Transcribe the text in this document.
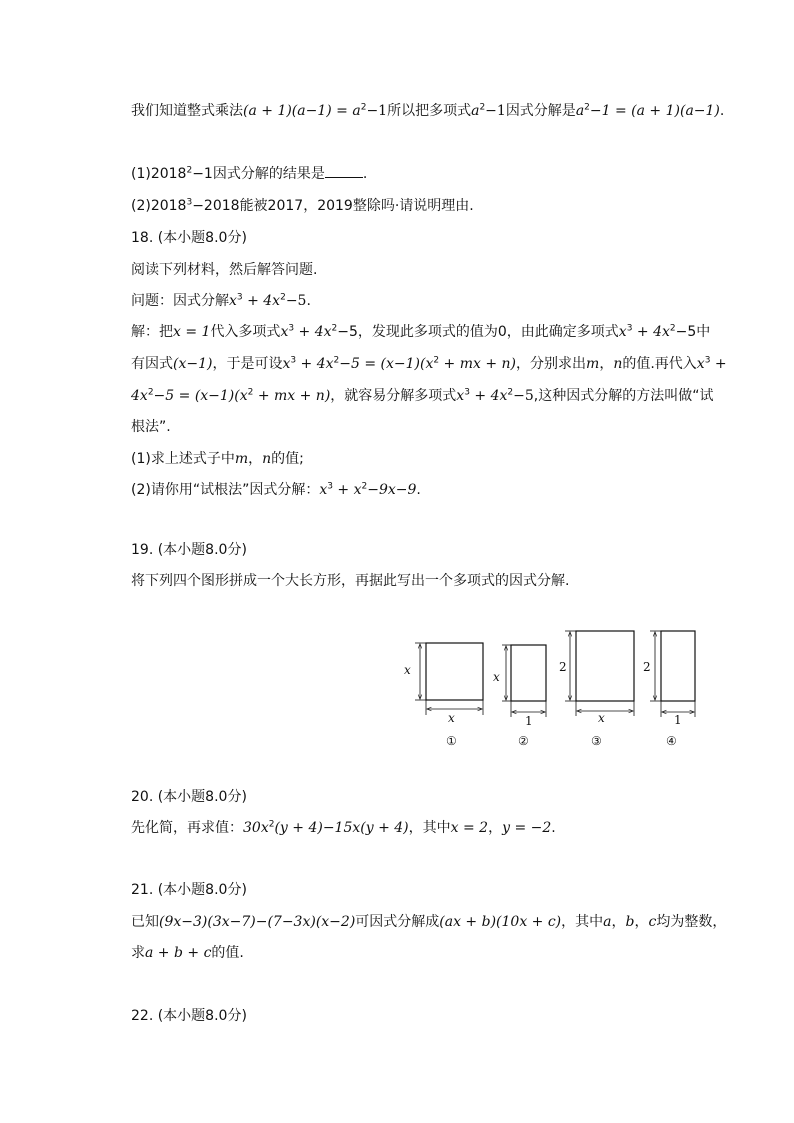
我们知道整式乘法$(a + 1)(a-1) = a^2-1$所以把多项式$a^2-1$因式分解是$a^2-1 = (a + 1)(a-1)$.
$(1)2018^2-1$因式分解的结果是	.
$(2)2018^3-2018$能被2017，2019整除吗·请说明理由.
18. (本小题8.0分)
阅读下列材料，然后解答问题.
问题：因式分解$x^3 + 4x^2-5$.
解：把x = 1代入多项式$x^3 + 4x^2-5$，发现此多项式的值为0，由此确定多项式$x^3 + 4x^2-5$中
有因式(x−1)，于是可设$x^3 + 4x^2-5 = (x-1)(x^2$ + mx + n)，分别求出m，n的值.再代入$x^3$ +
$4x^2-5 = (x-1)(x^2$ + mx + n)，就容易分解多项式$x^3 + 4x^2-5$,这种因式分解的方法叫做“试
根法”.
(1)求上述式子中m，n的值;
(2)请你用“试根法”因式分解：$x^3 + x^2-9x-9$.
19. (本小题8.0分)
将下列四个图形拼成一个大长方形，再据此写出一个多项式的因式分解.
x
x
①
x
1
②
2
x
③
2
1
④
20. (本小题8.0分)
先化简，再求值：$30x^2(y + 4)-15x(y + 4)$，其中x = 2，y = −2.
21. (本小题8.0分)
已知(9x−3)(3x−7)−(7−3x)(x−2)可因式分解成(ax + b)(10x + c)，其中a，b，c均为整数，
求a + b + c的值.
22. (本小题8.0分)
